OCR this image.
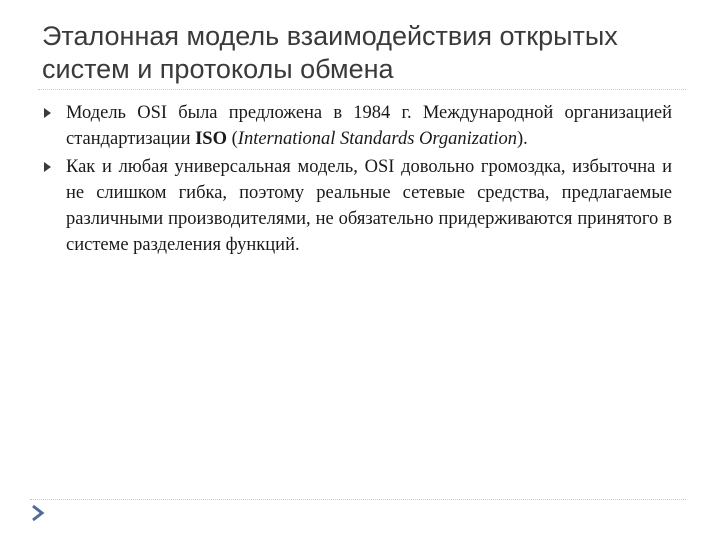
Эталонная модель взаимодействия открытых систем и протоколы обмена
Модель OSI была предложена в 1984 г. Международной организацией стандартизации ISO (International Standards Organization).
Как и любая универсальная модель, OSI довольно громоздка, избыточна и не слишком гибка, поэтому реальные сетевые средства, предлагаемые различными производителями, не обязательно придерживаются принятого в системе разделения функций.
